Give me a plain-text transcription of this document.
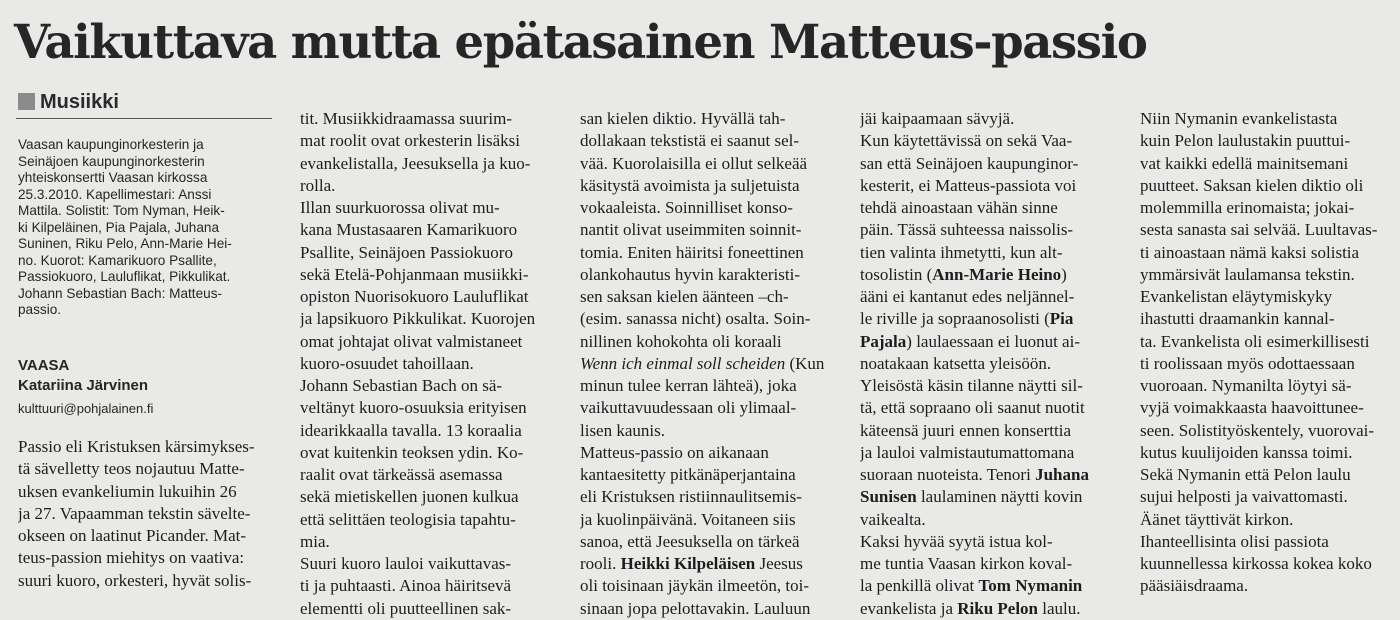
Vaikuttava mutta epätasainen Matteus-passio
Musiikki
Vaasan kaupunginorkesterin ja
Seinäjoen kaupunginorkesterin
yhteiskonsertti Vaasan kirkossa
25.3.2010. Kapellimestari: Anssi
Mattila. Solistit: Tom Nyman, Heik-
ki Kilpeläinen, Pia Pajala, Juhana
Suninen, Riku Pelo, Ann-Marie Hei-
no. Kuorot: Kamarikuoro Psallite,
Passiokuoro, Lauluflikat, Pikkulikat.
Johann Sebastian Bach: Matteus-
passio.
VAASA
Katariina Järvinen
kulttuuri@pohjalainen.fi
Passio eli Kristuksen kärsimykses-
tä sävelletty teos nojautuu Matte-
uksen evankeliumin lukuihin 26
ja 27. Vapaamman tekstin sävelte-
okseen on laatinut Picander. Mat-
teus-passion miehitys on vaativa:
suuri kuoro, orkesteri, hyvät solis-
tit. Musiikkidraamassa suurim-
mat roolit ovat orkesterin lisäksi
evankelistalla, Jeesuksella ja kuo-
rolla.
Illan suurkuorossa olivat mu-
kana Mustasaaren Kamarikuoro
Psallite, Seinäjoen Passiokuoro
sekä Etelä-Pohjanmaan musiikki-
opiston Nuorisokuoro Lauluflikat
ja lapsikuoro Pikkulikat. Kuorojen
omat johtajat olivat valmistaneet
kuoro-osuudet tahoillaan.
Johann Sebastian Bach on sä-
veltänyt kuoro-osuuksia erityisen
idearikkaalla tavalla. 13 koraalia
ovat kuitenkin teoksen ydin. Ko-
raalit ovat tärkeässä asemassa
sekä mietiskellen juonen kulkua
että selittäen teologisia tapahtu-
mia.
Suuri kuoro lauloi vaikuttavas-
ti ja puhtaasti. Ainoa häiritsevä
elementti oli puutteellinen sak-
san kielen diktio. Hyvällä tah-
dollakaan tekstistä ei saanut sel-
vää. Kuorolaisilla ei ollut selkeää
käsitystä avoimista ja suljetuista
vokaaleista. Soinnilliset konso-
nantit olivat useimmiten soinnit-
tomia. Eniten häiritsi foneettinen
olankohautus hyvin karakteristi-
sen saksan kielen äänteen –ch-
(esim. sanassa nicht) osalta. Soin-
nillinen kohokohta oli koraali
Wenn ich einmal soll scheiden (Kun
minun tulee kerran lähteä), joka
vaikuttavuudessaan oli ylimaal-
lisen kaunis.
Matteus-passio on aikanaan
kantaesitetty pitkänäperjantaina
eli Kristuksen ristiinnaulitsemis-
ja kuolinpäivänä. Voitaneen siis
sanoa, että Jeesuksella on tärkeä
rooli. Heikki Kilpeläisen Jeesus
oli toisinaan jäykän ilmeetön, toi-
sinaan jopa pelottavakin. Lauluun
jäi kaipaamaan sävyjä.
Kun käytettävissä on sekä Vaa-
san että Seinäjoen kaupunginor-
kesterit, ei Matteus-passiota voi
tehdä ainoastaan vähän sinne
päin. Tässä suhteessa naissolis-
tien valinta ihmetytti, kun alt-
tosolistin (Ann-Marie Heino)
ääni ei kantanut edes neljännel-
le riville ja sopraanosolisti (Pia
Pajala) laulaessaan ei luonut ai-
noatakaan katsetta yleisöön.
Yleisöstä käsin tilanne näytti sil-
tä, että sopraano oli saanut nuotit
käteensä juuri ennen konserttia
ja lauloi valmistautumattomana
suoraan nuoteista. Tenori Juhana
Sunisen laulaminen näytti kovin
vaikealta.
Kaksi hyvää syytä istua kol-
me tuntia Vaasan kirkon koval-
la penkillä olivat Tom Nymanin
evankelista ja Riku Pelon laulu.
Niin Nymanin evankelistasta
kuin Pelon laulustakin puuttui-
vat kaikki edellä mainitsemani
puutteet. Saksan kielen diktio oli
molemmilla erinomaista; jokai-
sesta sanasta sai selvää. Luultavas-
ti ainoastaan nämä kaksi solistia
ymmärsivät laulamansa tekstin.
Evankelistan eläytymiskyky
ihastutti draamankin kannal-
ta. Evankelista oli esimerkillisesti
ti roolissaan myös odottaessaan
vuoroaan. Nymanilta löytyi sä-
vyjä voimakkaasta haavoittunee-
seen. Solistityöskentely, vuorovai-
kutus kuulijoiden kanssa toimi.
Sekä Nymanin että Pelon laulu
sujui helposti ja vaivattomasti.
Äänet täyttivät kirkon.
Ihanteellisinta olisi passiota
kuunnellessa kirkossa kokea koko
pääsiäisdraama.
